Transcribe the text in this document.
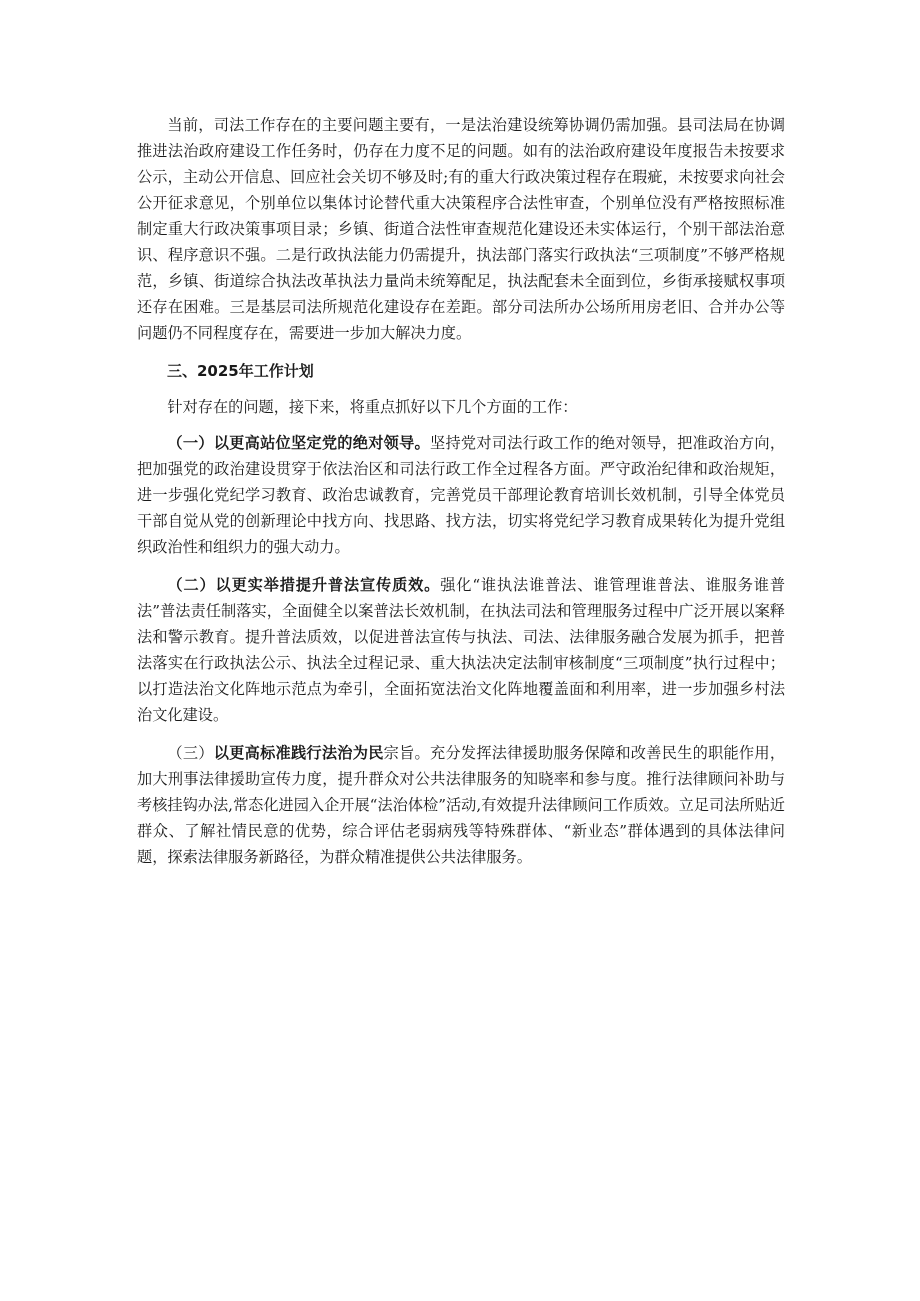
当前，司法工作存在的主要问题主要有，一是法治建设统筹协调仍需加强。县司法局在协调推进法治政府建设工作任务时，仍存在力度不足的问题。如有的法治政府建设年度报告未按要求公示，主动公开信息、回应社会关切不够及时;有的重大行政决策过程存在瑕疵，未按要求向社会公开征求意见，个别单位以集体讨论替代重大决策程序合法性审查，个别单位没有严格按照标准制定重大行政决策事项目录；乡镇、街道合法性审查规范化建设还未实体运行，个别干部法治意识、程序意识不强。二是行政执法能力仍需提升，执法部门落实行政执法“三项制度”不够严格规范，乡镇、街道综合执法改革执法力量尚未统筹配足，执法配套未全面到位，乡街承接赋权事项还存在困难。三是基层司法所规范化建设存在差距。部分司法所办公场所用房老旧、合并办公等问题仍不同程度存在，需要进一步加大解决力度。

三、2025年工作计划

针对存在的问题，接下来，将重点抓好以下几个方面的工作：

（一）以更高站位坚定党的绝对领导。坚持党对司法行政工作的绝对领导，把准政治方向，把加强党的政治建设贯穿于依法治区和司法行政工作全过程各方面。严守政治纪律和政治规矩，进一步强化党纪学习教育、政治忠诚教育，完善党员干部理论教育培训长效机制，引导全体党员干部自觉从党的创新理论中找方向、找思路、找方法，切实将党纪学习教育成果转化为提升党组织政治性和组织力的强大动力。

（二）以更实举措提升普法宣传质效。强化“谁执法谁普法、谁管理谁普法、谁服务谁普法”普法责任制落实，全面健全以案普法长效机制，在执法司法和管理服务过程中广泛开展以案释法和警示教育。提升普法质效，以促进普法宣传与执法、司法、法律服务融合发展为抓手，把普法落实在行政执法公示、执法全过程记录、重大执法决定法制审核制度“三项制度”执行过程中；以打造法治文化阵地示范点为牵引，全面拓宽法治文化阵地覆盖面和利用率，进一步加强乡村法治文化建设。

（三）以更高标准践行法治为民宗旨。充分发挥法律援助服务保障和改善民生的职能作用，加大刑事法律援助宣传力度，提升群众对公共法律服务的知晓率和参与度。推行法律顾问补助与考核挂钩办法,常态化进园入企开展“法治体检”活动,有效提升法律顾问工作质效。立足司法所贴近群众、了解社情民意的优势，综合评估老弱病残等特殊群体、“新业态”群体遇到的具体法律问题，探索法律服务新路径，为群众精准提供公共法律服务。
